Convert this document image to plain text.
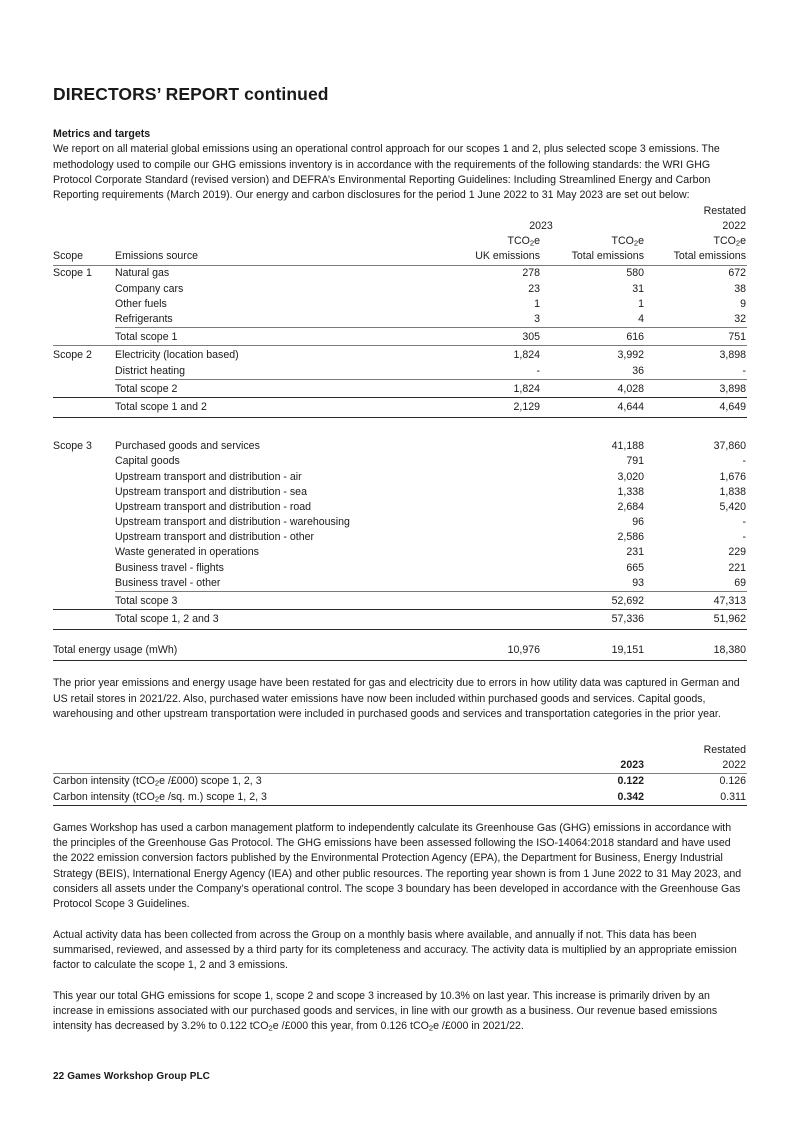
DIRECTORS’ REPORT continued
Metrics and targets

We report on all material global emissions using an operational control approach for our scopes 1 and 2, plus selected scope 3 emissions. The methodology used to compile our GHG emissions inventory is in accordance with the requirements of the following standards: the WRI GHG Protocol Corporate Standard (revised version) and DEFRA’s Environmental Reporting Guidelines: Including Streamlined Energy and Carbon Reporting requirements (March 2019). Our energy and carbon disclosures for the period 1 June 2022 to 31 May 2023 are set out below:

				Restated
		2023		2022
		$TCO_2e$	$TCO_2e$	$TCO_2e$
Scope	Emissions source	UK emissions	Total emissions	Total emissions
Scope 1	Natural gas	278	580	672
	Company cars	23	31	38
	Other fuels	1	1	9
	Refrigerants	3	4	32
	Total scope 1	305	616	751
Scope 2	Electricity (location based)	1,824	3,992	3,898
	District heating	-	36	-
	Total scope 2	1,824	4,028	3,898
	Total scope 1 and 2	2,129	4,644	4,649

Scope 3	Purchased goods and services		41,188	37,860
	Capital goods		791	-
	Upstream transport and distribution - air		3,020	1,676
	Upstream transport and distribution - sea		1,338	1,838
	Upstream transport and distribution - road		2,684	5,420
	Upstream transport and distribution - warehousing		96	-
	Upstream transport and distribution - other		2,586	-
	Waste generated in operations		231	229
	Business travel - flights		665	221
	Business travel - other		93	69
	Total scope 3		52,692	47,313
	Total scope 1, 2 and 3		57,336	51,962

Total energy usage (mWh)		10,976	19,151	18,380

The prior year emissions and energy usage have been restated for gas and electricity due to errors in how utility data was captured in German and US retail stores in 2021/22. Also, purchased water emissions have now been included within purchased goods and services. Capital goods, warehousing and other upstream transportation were included in purchased goods and services and transportation categories in the prior year.

		Restated
	2023	2022
Carbon intensity (tCO$_2$e /£000) scope 1, 2, 3	0.122	0.126
Carbon intensity (tCO$_2$e /sq. m.) scope 1, 2, 3	0.342	0.311

Games Workshop has used a carbon management platform to independently calculate its Greenhouse Gas (GHG) emissions in accordance with the principles of the Greenhouse Gas Protocol. The GHG emissions have been assessed following the ISO-14064:2018 standard and have used the 2022 emission conversion factors published by the Environmental Protection Agency (EPA), the Department for Business, Energy Industrial Strategy (BEIS), International Energy Agency (IEA) and other public resources. The reporting year shown is from 1 June 2022 to 31 May 2023, and considers all assets under the Company’s operational control. The scope 3 boundary has been developed in accordance with the Greenhouse Gas Protocol Scope 3 Guidelines.

Actual activity data has been collected from across the Group on a monthly basis where available, and annually if not. This data has been summarised, reviewed, and assessed by a third party for its completeness and accuracy. The activity data is multiplied by an appropriate emission factor to calculate the scope 1, 2 and 3 emissions.

This year our total GHG emissions for scope 1, scope 2 and scope 3 increased by 10.3% on last year. This increase is primarily driven by an increase in emissions associated with our purchased goods and services, in line with our growth as a business. Our revenue based emissions intensity has decreased by 3.2% to 0.122 tCO$_2$e /£000 this year, from 0.126 tCO$_2$e /£000 in 2021/22.

22 Games Workshop Group PLC
